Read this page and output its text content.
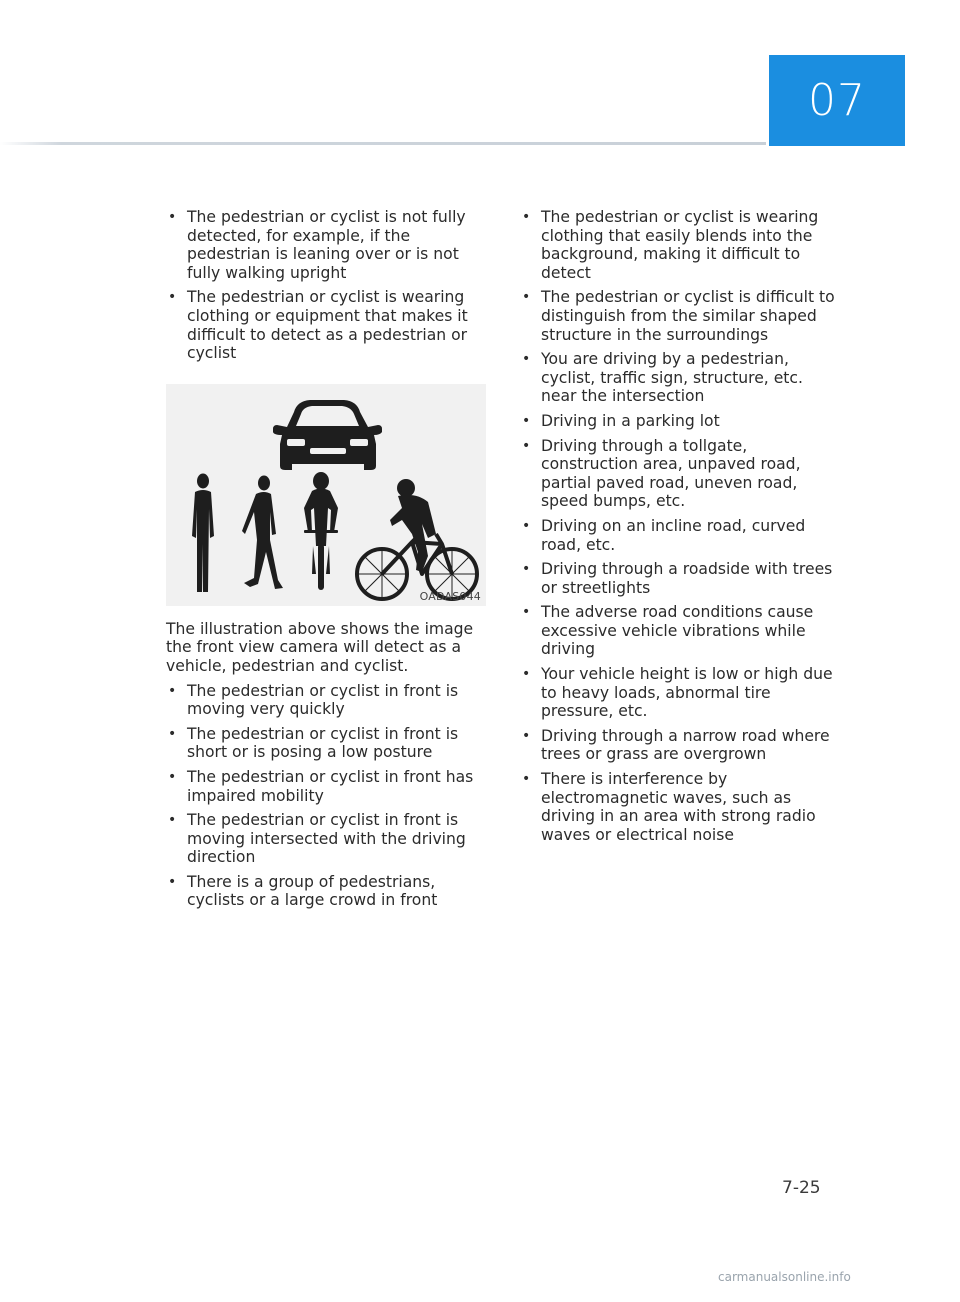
07
• The pedestrian or cyclist is not fully detected, for example, if the pedestrian is leaning over or is not fully walking upright
• The pedestrian or cyclist is wearing clothing or equipment that makes it difficult to detect as a pedestrian or cyclist
OADAS044

The illustration above shows the image the front view camera will detect as a vehicle, pedestrian and cyclist.

• The pedestrian or cyclist in front is moving very quickly
• The pedestrian or cyclist in front is short or is posing a low posture
• The pedestrian or cyclist in front has impaired mobility
• The pedestrian or cyclist in front is moving intersected with the driving direction
• There is a group of pedestrians, cyclists or a large crowd in front
• The pedestrian or cyclist is wearing clothing that easily blends into the background, making it difficult to detect
• The pedestrian or cyclist is difficult to distinguish from the similar shaped structure in the surroundings
• You are driving by a pedestrian, cyclist, traffic sign, structure, etc. near the intersection
• Driving in a parking lot
• Driving through a tollgate, construction area, unpaved road, partial paved road, uneven road, speed bumps, etc.
• Driving on an incline road, curved road, etc.
• Driving through a roadside with trees or streetlights
• The adverse road conditions cause excessive vehicle vibrations while driving
• Your vehicle height is low or high due to heavy loads, abnormal tire pressure, etc.
• Driving through a narrow road where trees or grass are overgrown
• There is interference by electromagnetic waves, such as driving in an area with strong radio waves or electrical noise
7-25
carmanualsonline.info
